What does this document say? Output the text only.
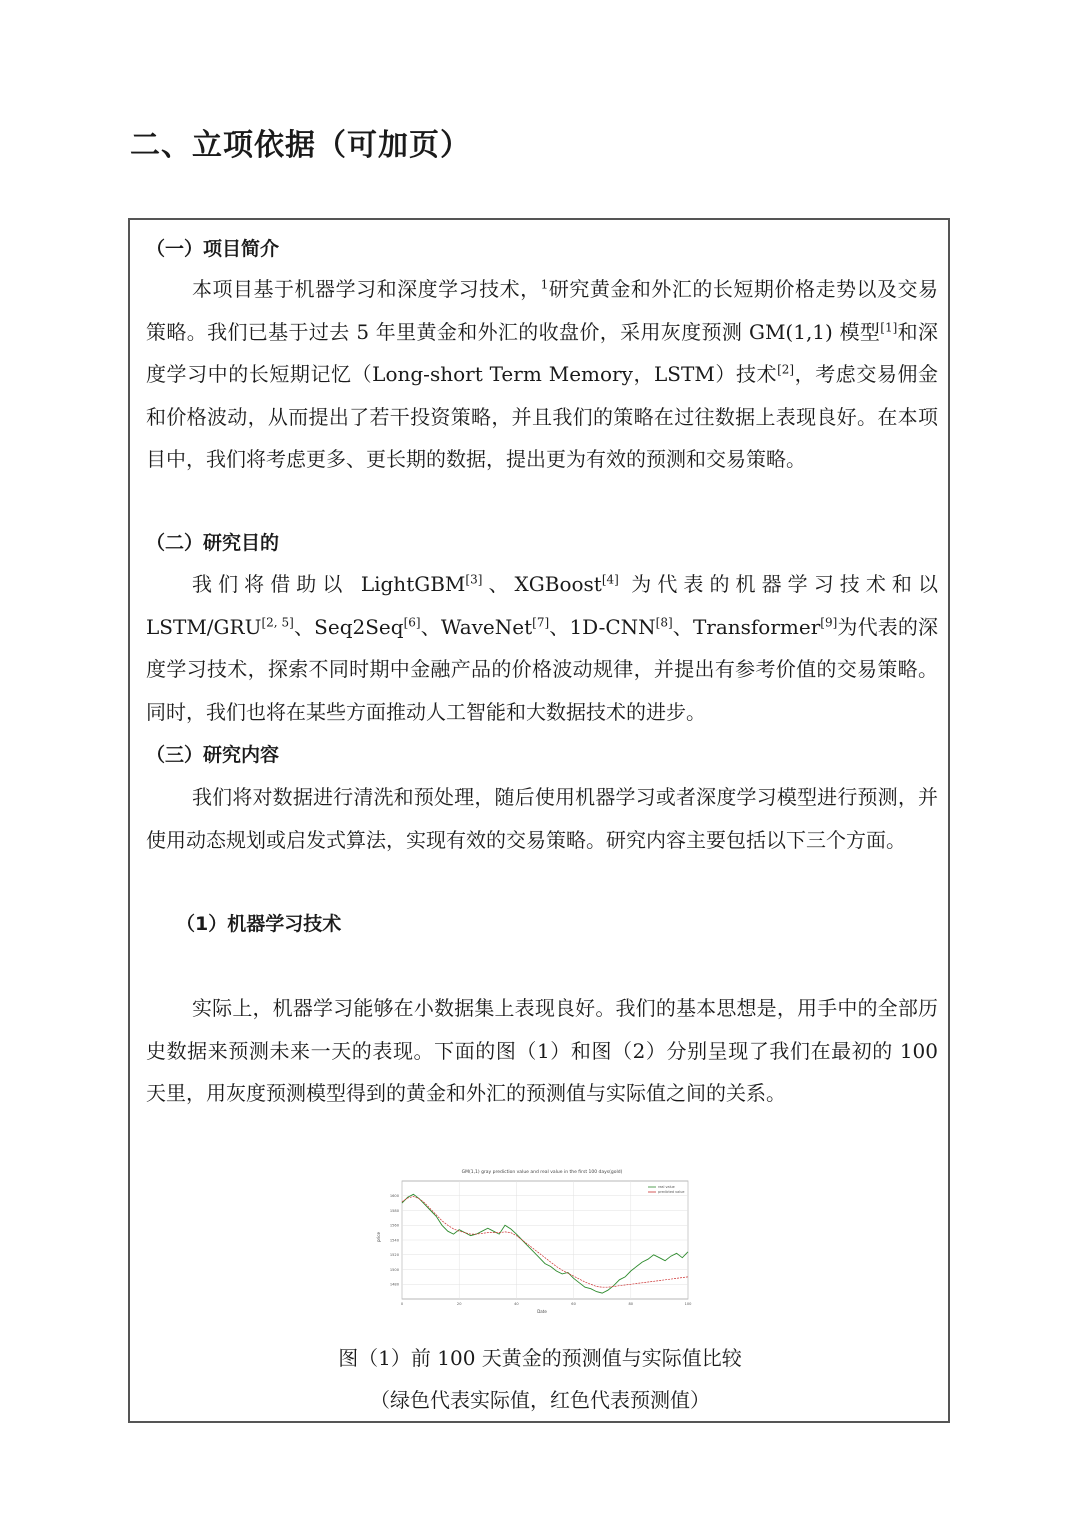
二、立项依据（可加页）
（一）项目简介
本项目基于机器学习和深度学习技术，$^1$研究黄金和外汇的长短期价格走势以及交易策略。我们已基于过去 5 年里黄金和外汇的收盘价，采用灰度预测 GM(1,1) 模型[1]和深度学习中的长短期记忆（Long-short Term Memory，LSTM）技术[2]，考虑交易佣金和价格波动，从而提出了若干投资策略，并且我们的策略在过往数据上表现良好。在本项目中，我们将考虑更多、更长期的数据，提出更为有效的预测和交易策略。
（二）研究目的
我们将借助以 LightGBM[3]、XGBoost[4] 为代表的机器学习技术和以 LSTM/GRU[2, 5]、Seq2Seq[6]、WaveNet[7]、1D-CNN[8]、Transformer[9]为代表的深度学习技术，探索不同时期中金融产品的价格波动规律，并提出有参考价值的交易策略。同时，我们也将在某些方面推动人工智能和大数据技术的进步。
（三）研究内容
我们将对数据进行清洗和预处理，随后使用机器学习或者深度学习模型进行预测，并使用动态规划或启发式算法，实现有效的交易策略。研究内容主要包括以下三个方面。
（1）机器学习技术
实际上，机器学习能够在小数据集上表现良好。我们的基本思想是，用手中的全部历史数据来预测未来一天的表现。下面的图（1）和图（2）分别呈现了我们在最初的 100 天里，用灰度预测模型得到的黄金和外汇的预测值与实际值之间的关系。
GM(1,1) gray prediction value and real value in the first 100 days(gold)
1480
1500
1520
1540
1560
1580
1600
0	20	40	60	80	100
real value
predicted value
Date
price
图（1）前 100 天黄金的预测值与实际值比较
（绿色代表实际值，红色代表预测值）
